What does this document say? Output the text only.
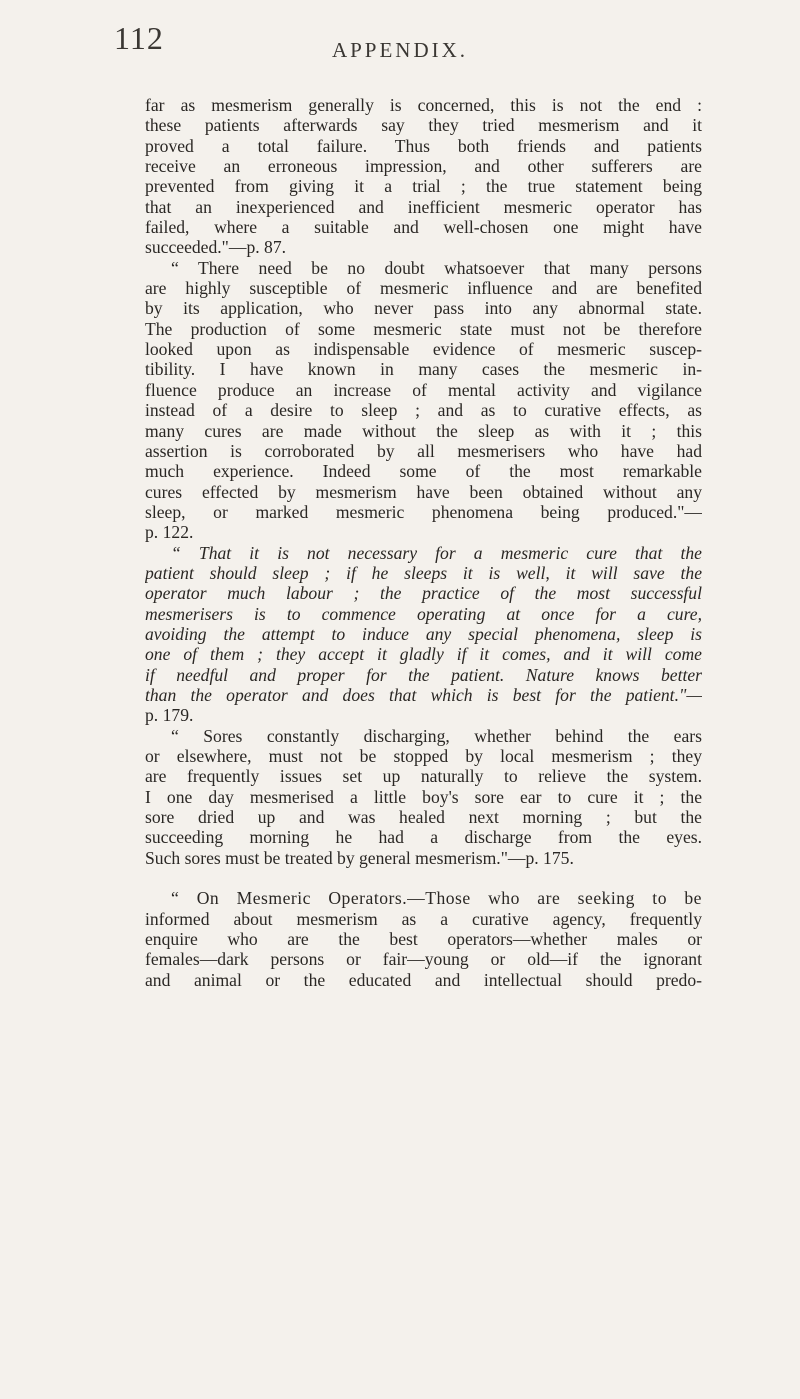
112	APPENDIX.
far as mesmerism generally is concerned, this is not the end :
these patients afterwards say they tried mesmerism and it
proved a total failure. Thus both friends and patients
receive an erroneous impression, and other sufferers are
prevented from giving it a trial ; the true statement being
that an inexperienced and inefficient mesmeric operator has
failed, where a suitable and well-chosen one might have
succeeded."—p. 87.
“ There need be no doubt whatsoever that many persons
are highly susceptible of mesmeric influence and are benefited
by its application, who never pass into any abnormal state.
The production of some mesmeric state must not be therefore
looked upon as indispensable evidence of mesmeric suscep-
tibility. I have known in many cases the mesmeric in-
fluence produce an increase of mental activity and vigilance
instead of a desire to sleep ; and as to curative effects, as
many cures are made without the sleep as with it ; this
assertion is corroborated by all mesmerisers who have had
much experience. Indeed some of the most remarkable
cures effected by mesmerism have been obtained without any
sleep, or marked mesmeric phenomena being produced."—
p. 122.
“ That it is not necessary for a mesmeric cure that the
patient should sleep ; if he sleeps it is well, it will save the
operator much labour ; the practice of the most successful
mesmerisers is to commence operating at once for a cure,
avoiding the attempt to induce any special phenomena, sleep is
one of them ; they accept it gladly if it comes, and it will come
if needful and proper for the patient. Nature knows better
than the operator and does that which is best for the patient."—
p. 179.
“ Sores constantly discharging, whether behind the ears
or elsewhere, must not be stopped by local mesmerism ; they
are frequently issues set up naturally to relieve the system.
I one day mesmerised a little boy's sore ear to cure it ; the
sore dried up and was healed next morning ; but the
succeeding morning he had a discharge from the eyes.
Such sores must be treated by general mesmerism."—p. 175.
“ On Mesmeric Operators.—Those who are seeking to be
informed about mesmerism as a curative agency, frequently
enquire who are the best operators—whether males or
females—dark persons or fair—young or old—if the ignorant
and animal or the educated and intellectual should predo-
